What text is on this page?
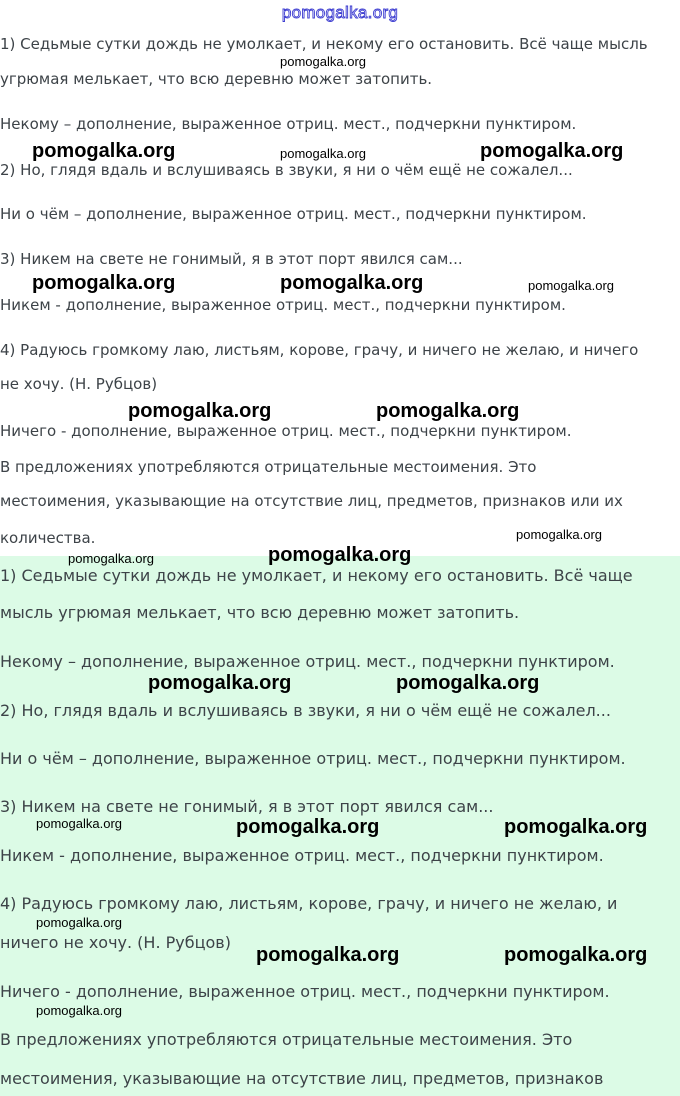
pomogalka.org
1) Седьмые сутки дождь не умолкает, и некому его остановить. Всё чаще мысль
угрюмая мелькает, что всю деревню может затопить.
Некому – дополнение, выраженное отриц. мест., подчеркни пунктиром.
2) Но, глядя вдаль и вслушиваясь в звуки, я ни о чём ещё не сожалел...
Ни о чём – дополнение, выраженное отриц. мест., подчеркни пунктиром.
3) Никем на свете не гонимый, я в этот порт явился сам...
Никем - дополнение, выраженное отриц. мест., подчеркни пунктиром.
4) Радуюсь громкому лаю, листьям, корове, грачу, и ничего не желаю, и ничего
не хочу. (Н. Рубцов)
Ничего - дополнение, выраженное отриц. мест., подчеркни пунктиром.
В предложениях употребляются отрицательные местоимения. Это
местоимения, указывающие на отсутствие лиц, предметов, признаков или их
количества.
1) Седьмые сутки дождь не умолкает, и некому его остановить. Всё чаще
мысль угрюмая мелькает, что всю деревню может затопить.
Некому – дополнение, выраженное отриц. мест., подчеркни пунктиром.
2) Но, глядя вдаль и вслушиваясь в звуки, я ни о чём ещё не сожалел...
Ни о чём – дополнение, выраженное отриц. мест., подчеркни пунктиром.
3) Никем на свете не гонимый, я в этот порт явился сам...
Никем - дополнение, выраженное отриц. мест., подчеркни пунктиром.
4) Радуюсь громкому лаю, листьям, корове, грачу, и ничего не желаю, и
ничего не хочу. (Н. Рубцов)
Ничего - дополнение, выраженное отриц. мест., подчеркни пунктиром.
В предложениях употребляются отрицательные местоимения. Это
местоимения, указывающие на отсутствие лиц, предметов, признаков
pomogalka.org
pomogalka.org	pomogalka.org	pomogalka.org
pomogalka.org	pomogalka.org	pomogalka.org
pomogalka.org	pomogalka.org
pomogalka.org
pomogalka.org	pomogalka.org
pomogalka.org	pomogalka.org
pomogalka.org	pomogalka.org	pomogalka.org
pomogalka.org
pomogalka.org	pomogalka.org
pomogalka.org
